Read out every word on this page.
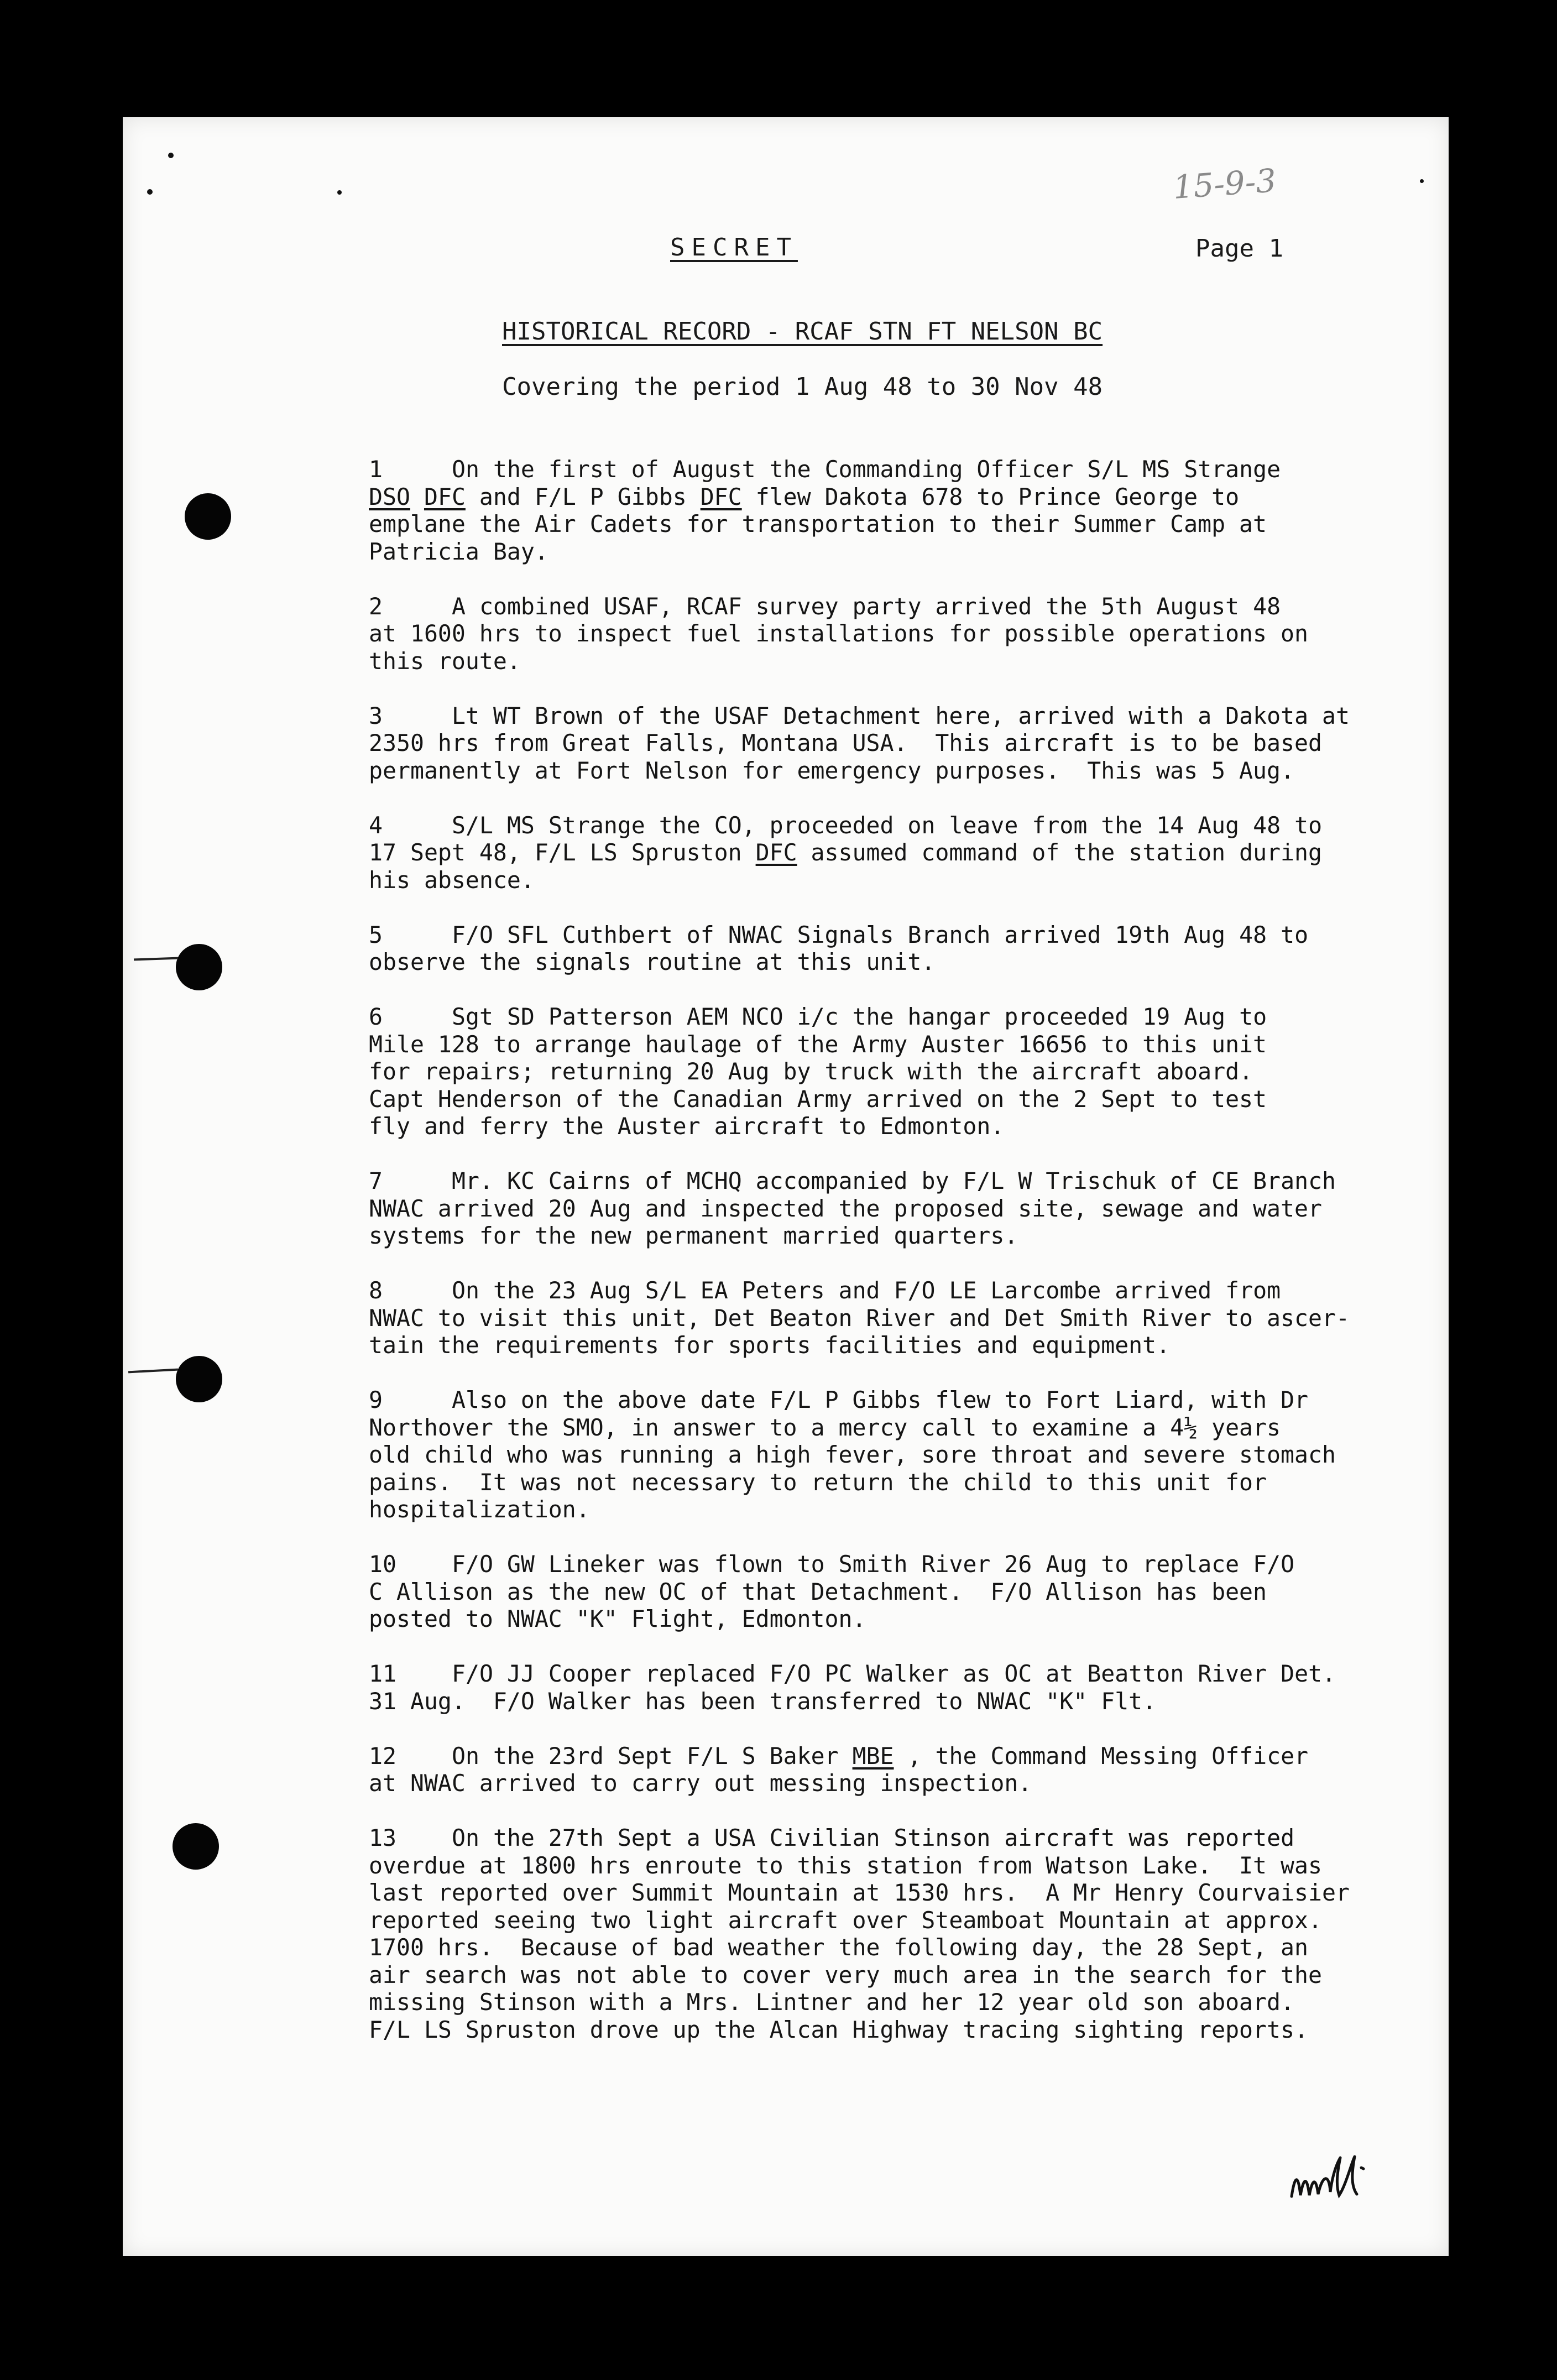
15-9-3
SECRET	Page 1
HISTORICAL RECORD - RCAF STN FT NELSON BC
Covering the period 1 Aug 48 to 30 Nov 48
1	On the first of August the Commanding Officer S/L MS Strange
DSO DFC and F/L P Gibbs DFC flew Dakota 678 to Prince George to
emplane the Air Cadets for transportation to their Summer Camp at
Patricia Bay.
2	A combined USAF, RCAF survey party arrived the 5th August 48
at 1600 hrs to inspect fuel installations for possible operations on
this route.
3	Lt WT Brown of the USAF Detachment here, arrived with a Dakota at
2350 hrs from Great Falls, Montana USA.  This aircraft is to be based
permanently at Fort Nelson for emergency purposes.  This was 5 Aug.
4	S/L MS Strange the CO, proceeded on leave from the 14 Aug 48 to
17 Sept 48, F/L LS Spruston DFC assumed command of the station during
his absence.
5	F/O SFL Cuthbert of NWAC Signals Branch arrived 19th Aug 48 to
observe the signals routine at this unit.
6	Sgt SD Patterson AEM NCO i/c the hangar proceeded 19 Aug to
Mile 128 to arrange haulage of the Army Auster 16656 to this unit
for repairs; returning 20 Aug by truck with the aircraft aboard.
Capt Henderson of the Canadian Army arrived on the 2 Sept to test
fly and ferry the Auster aircraft to Edmonton.
7	Mr. KC Cairns of MCHQ accompanied by F/L W Trischuk of CE Branch
NWAC arrived 20 Aug and inspected the proposed site, sewage and water
systems for the new permanent married quarters.
8	On the 23 Aug S/L EA Peters and F/O LE Larcombe arrived from
NWAC to visit this unit, Det Beaton River and Det Smith River to ascer-
tain the requirements for sports facilities and equipment.
9	Also on the above date F/L P Gibbs flew to Fort Liard, with Dr
Northover the SMO, in answer to a mercy call to examine a 4½ years
old child who was running a high fever, sore throat and severe stomach
pains.  It was not necessary to return the child to this unit for
hospitalization.
10 F/O GW Lineker was flown to Smith River 26 Aug to replace F/O
C Allison as the new OC of that Detachment.  F/O Allison has been
posted to NWAC "K" Flight, Edmonton.
11 F/O JJ Cooper replaced F/O PC Walker as OC at Beatton River Det.
31 Aug.  F/O Walker has been transferred to NWAC "K" Flt.
12 On the 23rd Sept F/L S Baker MBE , the Command Messing Officer
at NWAC arrived to carry out messing inspection.
13 On the 27th Sept a USA Civilian Stinson aircraft was reported
overdue at 1800 hrs enroute to this station from Watson Lake.  It was
last reported over Summit Mountain at 1530 hrs.  A Mr Henry Courvaisier
reported seeing two light aircraft over Steamboat Mountain at approx.
1700 hrs.  Because of bad weather the following day, the 28 Sept, an
air search was not able to cover very much area in the search for the
missing Stinson with a Mrs. Lintner and her 12 year old son aboard.
F/L LS Spruston drove up the Alcan Highway tracing sighting reports.
